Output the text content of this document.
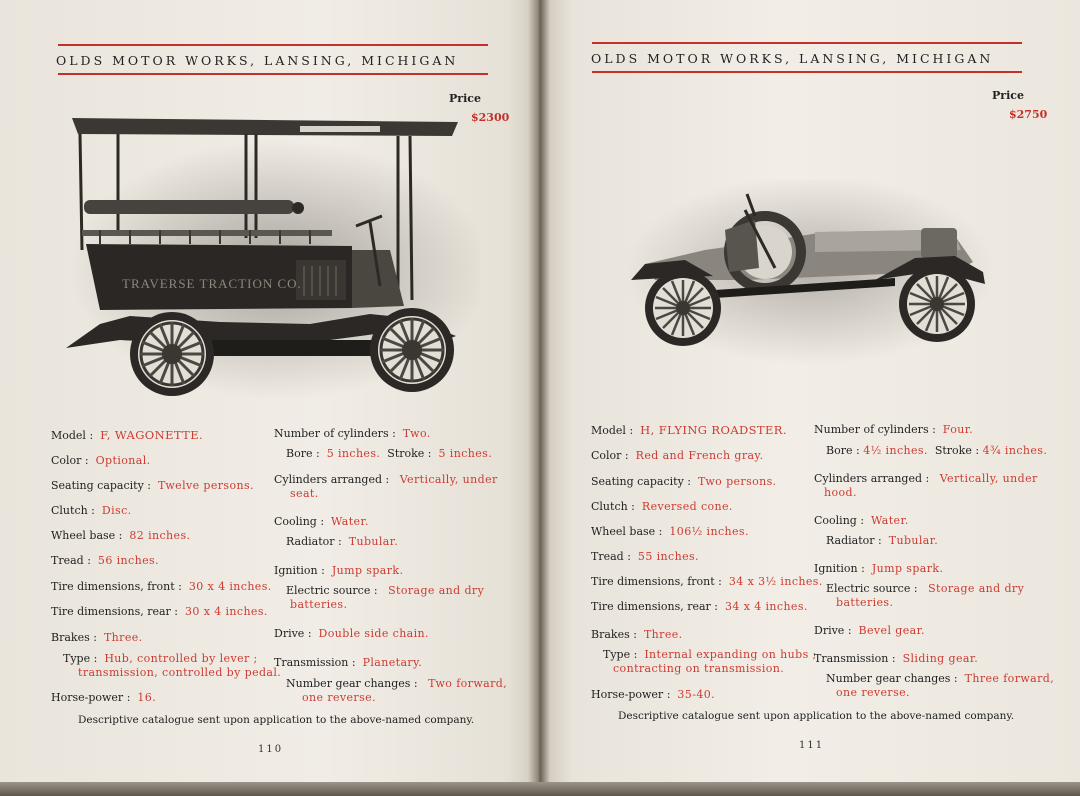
OLDS MOTOR WORKS, LANSING, MICHIGAN
Price
$2300
TRAVERSE TRACTION CO.
Model : F, WAGONETTE.
Color : Optional.
Seating capacity : Twelve persons.
Clutch : Disc.
Wheel base : 82 inches.
Tread : 56 inches.
Tire dimensions, front : 30 x 4 inches.
Tire dimensions, rear : 30 x 4 inches.
Brakes : Three.
Type : Hub, controlled by lever ;
transmission, controlled by pedal.
Horse-power : 16.
Number of cylinders : Two.
Bore : 5 inches. Stroke : 5 inches.
Cylinders arranged : Vertically, under
seat.
Cooling : Water.
Radiator : Tubular.
Ignition : Jump spark.
Electric source : Storage and dry
batteries.
Drive : Double side chain.
Transmission : Planetary.
Number gear changes : Two forward,
one reverse.
Descriptive catalogue sent upon application to the above-named company.
110
OLDS MOTOR WORKS, LANSING, MICHIGAN
Price
$2750
Model : H, FLYING ROADSTER.
Color : Red and French gray.
Seating capacity : Two persons.
Clutch : Reversed cone.
Wheel base : 106½ inches.
Tread : 55 inches.
Tire dimensions, front : 34 x 3½ inches.
Tire dimensions, rear : 34 x 4 inches.
Brakes : Three.
Type : Internal expanding on hubs ;
contracting on transmission.
Horse-power : 35-40.
Number of cylinders : Four.
Bore : 4½ inches. Stroke : 4¾ inches.
Cylinders arranged : Vertically, under
hood.
Cooling : Water.
Radiator : Tubular.
Ignition : Jump spark.
Electric source : Storage and dry
batteries.
Drive : Bevel gear.
Transmission : Sliding gear.
Number gear changes : Three forward,
one reverse.
Descriptive catalogue sent upon application to the above-named company.
111
